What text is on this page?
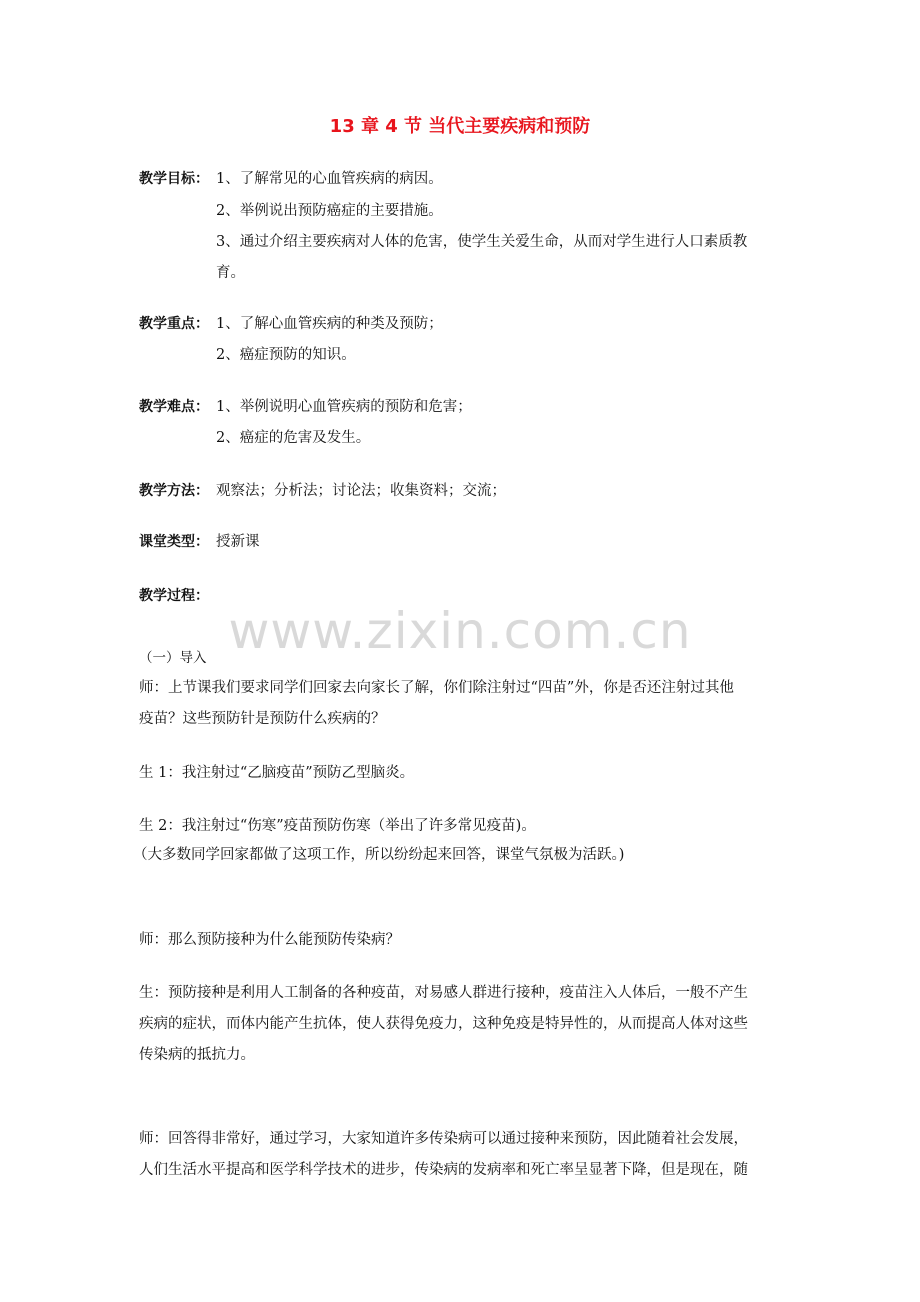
13 章 4 节 当代主要疾病和预防
教学目标： 1、了解常见的心血管疾病的病因。
2、举例说出预防癌症的主要措施。
3、通过介绍主要疾病对人体的危害，使学生关爱生命，从而对学生进行人口素质教
育。
教学重点： 1、了解心血管疾病的种类及预防；
2、癌症预防的知识。
教学难点： 1、举例说明心血管疾病的预防和危害；
2、癌症的危害及发生。
教学方法： 观察法；分析法；讨论法；收集资料；交流；
课堂类型： 授新课
教学过程：
www.zixin.com.cn
（一）导入
师：上节课我们要求同学们回家去向家长了解，你们除注射过“四苗”外，你是否还注射过其他
疫苗？这些预防针是预防什么疾病的？
生 1：我注射过“乙脑疫苗”预防乙型脑炎。
生 2：我注射过“伤寒”疫苗预防伤寒（举出了许多常见疫苗)。
（大多数同学回家都做了这项工作，所以纷纷起来回答，课堂气氛极为活跃。)
师：那么预防接种为什么能预防传染病？
生：预防接种是利用人工制备的各种疫苗，对易感人群进行接种，疫苗注入人体后，一般不产生
疾病的症状，而体内能产生抗体，使人获得免疫力，这种免疫是特异性的，从而提高人体对这些
传染病的抵抗力。
师：回答得非常好，通过学习，大家知道许多传染病可以通过接种来预防，因此随着社会发展，
人们生活水平提高和医学科学技术的进步，传染病的发病率和死亡率呈显著下降，但是现在，随
